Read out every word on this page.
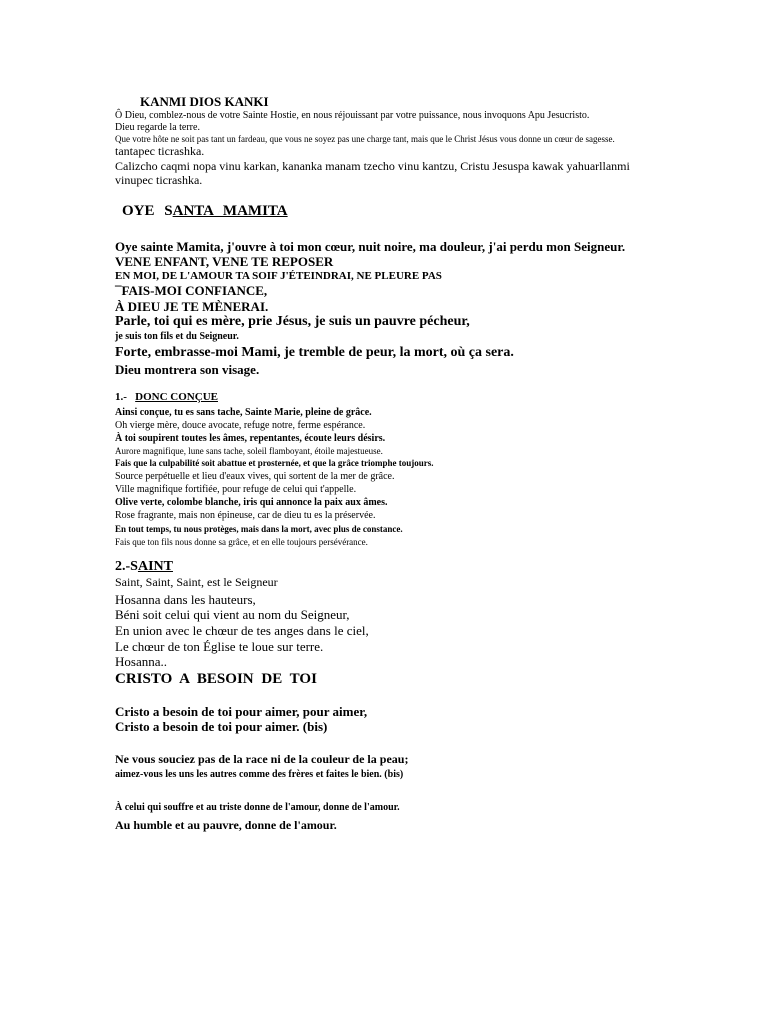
KANMI DIOS KANKI
Ô Dieu, comblez-nous de votre Sainte Hostie, en nous réjouissant par votre puissance, nous invoquons Apu Jesucristo.
Dieu regarde la terre.
Que votre hôte ne soit pas tant un fardeau, que vous ne soyez pas une charge tant, mais que le Christ Jésus vous donne un cœur de sagesse.
tantapec ticrashka.
Calizcho caqmi nopa vinu karkan, kananka manam tzecho vinu kantzu, Cristu Jesuspa kawak yahuarllanmi
vinupec ticrashka.
OYE SANTA MAMITA
Oye sainte Mamita, j'ouvre à toi mon cœur, nuit noire, ma douleur, j'ai perdu mon Seigneur.
VENE ENFANT, VENE TE REPOSER
EN MOI, DE L'AMOUR TA SOIF J'ÉTEINDRAI, NE PLEURE PAS
¯FAIS-MOI CONFIANCE,
À DIEU JE TE MÈNERAI.
Parle, toi qui es mère, prie Jésus, je suis un pauvre pécheur,
je suis ton fils et du Seigneur.
Forte, embrasse-moi Mami, je tremble de peur, la mort, où ça sera.
Dieu montrera son visage.
1.- DONC CONÇUE
Ainsi conçue, tu es sans tache, Sainte Marie, pleine de grâce.
Oh vierge mère, douce avocate, refuge notre, ferme espérance.
À toi soupirent toutes les âmes, repentantes, écoute leurs désirs.
Aurore magnifique, lune sans tache, soleil flamboyant, étoile majestueuse.
Fais que la culpabilité soit abattue et prosternée, et que la grâce triomphe toujours.
Source perpétuelle et lieu d'eaux vives, qui sortent de la mer de grâce.
Ville magnifique fortifiée, pour refuge de celui qui t'appelle.
Olive verte, colombe blanche, iris qui annonce la paix aux âmes.
Rose fragrante, mais non épineuse, car de dieu tu es la préservée.
En tout temps, tu nous protèges, mais dans la mort, avec plus de constance.
Fais que ton fils nous donne sa grâce, et en elle toujours persévérance.
2.-SAINT
Saint, Saint, Saint, est le Seigneur
Hosanna dans les hauteurs,
Béni soit celui qui vient au nom du Seigneur,
En union avec le chœur de tes anges dans le ciel,
Le chœur de ton Église te loue sur terre.
Hosanna..
CRISTO A BESOIN DE TOI
Cristo a besoin de toi pour aimer, pour aimer,
Cristo a besoin de toi pour aimer. (bis)
Ne vous souciez pas de la race ni de la couleur de la peau;
aimez-vous les uns les autres comme des frères et faites le bien. (bis)
À celui qui souffre et au triste donne de l'amour, donne de l'amour.
Au humble et au pauvre, donne de l'amour.
